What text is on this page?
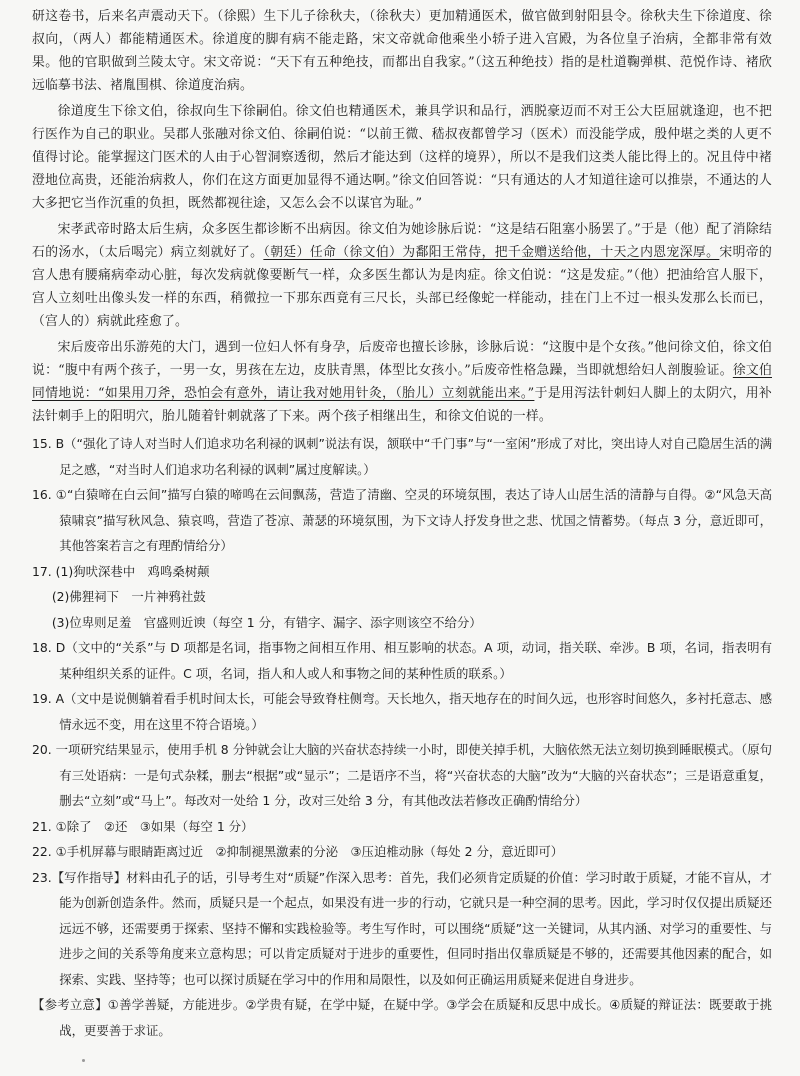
研这卷书，后来名声震动天下。（徐熙）生下儿子徐秋夫，（徐秋夫）更加精通医术，做官做到射阳县令。徐秋夫生下徐道度、徐叔向，（两人）都能精通医术。徐道度的脚有病不能走路，宋文帝就命他乘坐小轿子进入宫殿，为各位皇子治病，全都非常有效果。他的官职做到兰陵太守。宋文帝说：“天下有五种绝技，而都出自我家。”（这五种绝技）指的是杜道鞠弹棋、范悦作诗、褚欣远临摹书法、褚胤围棋、徐道度治病。

徐道度生下徐文伯，徐叔向生下徐嗣伯。徐文伯也精通医术，兼具学识和品行，洒脱豪迈而不对王公大臣屈就逢迎，也不把行医作为自己的职业。吴郡人张融对徐文伯、徐嗣伯说：“以前王微、嵇叔夜都曾学习（医术）而没能学成，殷仲堪之类的人更不值得讨论。能掌握这门医术的人由于心智洞察透彻，然后才能达到（这样的境界），所以不是我们这类人能比得上的。况且侍中褚澄地位高贵，还能治病救人，你们在这方面更加显得不通达啊。”徐文伯回答说：“只有通达的人才知道往途可以推崇，不通达的人大多把它当作沉重的负担，既然都视往途，又怎么会不以谋官为耻。”

宋孝武帝时路太后生病，众多医生都诊断不出病因。徐文伯为她诊脉后说：“这是结石阻塞小肠罢了。”于是（他）配了消除结石的汤水，（太后喝完）病立刻就好了。（朝廷）任命（徐文伯）为鄱阳王常侍，把千金赠送给他，十天之内恩宠深厚。宋明帝的宫人患有腰痛病牵动心脏，每次发病就像要断气一样，众多医生都认为是肉症。徐文伯说：“这是发症。”（他）把油给宫人服下，宫人立刻吐出像头发一样的东西，稍微拉一下那东西竟有三尺长，头部已经像蛇一样能动，挂在门上不过一根头发那么长而已，（宫人的）病就此痊愈了。

宋后废帝出乐游苑的大门，遇到一位妇人怀有身孕，后废帝也擅长诊脉，诊脉后说：“这腹中是个女孩。”他问徐文伯，徐文伯说：“腹中有两个孩子，一男一女，男孩在左边，皮肤青黑，体型比女孩小。”后废帝性格急躁，当即就想给妇人剖腹验证。徐文伯同情地说：“如果用刀斧，恐怕会有意外，请让我对她用针灸，（胎儿）立刻就能出来。”于是用泻法针刺妇人脚上的太阴穴，用补法针刺手上的阳明穴，胎儿随着针刺就落了下来。两个孩子相继出生，和徐文伯说的一样。

15. B（“强化了诗人对当时人们追求功名利禄的讽刺”说法有误，颔联中“千门事”与“一室闲”形成了对比，突出诗人对自己隐居生活的满足之感，“对当时人们追求功名利禄的讽刺”属过度解读。）

16. ①“白猿啼在白云间”描写白猿的啼鸣在云间飘荡，营造了清幽、空灵的环境氛围，表达了诗人山居生活的清静与自得。②“风急天高猿啸哀”描写秋风急、猿哀鸣，营造了苍凉、萧瑟的环境氛围，为下文诗人抒发身世之悲、忧国之情蓄势。（每点 3 分，意近即可，其他答案若言之有理酌情给分）

17. (1)狗吠深巷中　鸡鸣桑树颠

(2)佛狸祠下　一片神鸦社鼓

(3)位卑则足羞　官盛则近谀（每空 1 分，有错字、漏字、添字则该空不给分）

18. D（文中的“关系”与 D 项都是名词，指事物之间相互作用、相互影响的状态。A 项，动词，指关联、牵涉。B 项，名词，指表明有某种组织关系的证件。C 项，名词，指人和人或人和事物之间的某种性质的联系。）

19. A（文中是说侧躺着看手机时间太长，可能会导致脊柱侧弯。天长地久，指天地存在的时间久远，也形容时间悠久，多衬托意志、感情永远不变，用在这里不符合语境。）

20. 一项研究结果显示，使用手机 8 分钟就会让大脑的兴奋状态持续一小时，即使关掉手机，大脑依然无法立刻切换到睡眠模式。（原句有三处语病：一是句式杂糅，删去“根据”或“显示”；二是语序不当，将“兴奋状态的大脑”改为“大脑的兴奋状态”；三是语意重复，删去“立刻”或“马上”。每改对一处给 1 分，改对三处给 3 分，有其他改法若修改正确酌情给分）

21. ①除了　②还　③如果（每空 1 分）

22. ①手机屏幕与眼睛距离过近　②抑制褪黑激素的分泌　③压迫椎动脉（每处 2 分，意近即可）

23.【写作指导】材料由孔子的话，引导考生对“质疑”作深入思考：首先，我们必须肯定质疑的价值：学习时敢于质疑，才能不盲从，才能为创新创造条件。然而，质疑只是一个起点，如果没有进一步的行动，它就只是一种空洞的思考。因此，学习时仅仅提出质疑还远远不够，还需要勇于探索、坚持不懈和实践检验等。考生写作时，可以围绕“质疑”这一关键词，从其内涵、对学习的重要性、与进步之间的关系等角度来立意构思；可以肯定质疑对于进步的重要性，但同时指出仅靠质疑是不够的，还需要其他因素的配合，如探索、实践、坚持等；也可以探讨质疑在学习中的作用和局限性，以及如何正确运用质疑来促进自身进步。

【参考立意】①善学善疑，方能进步。②学贵有疑，在学中疑，在疑中学。③学会在质疑和反思中成长。④质疑的辩证法：既要敢于挑战，更要善于求证。
